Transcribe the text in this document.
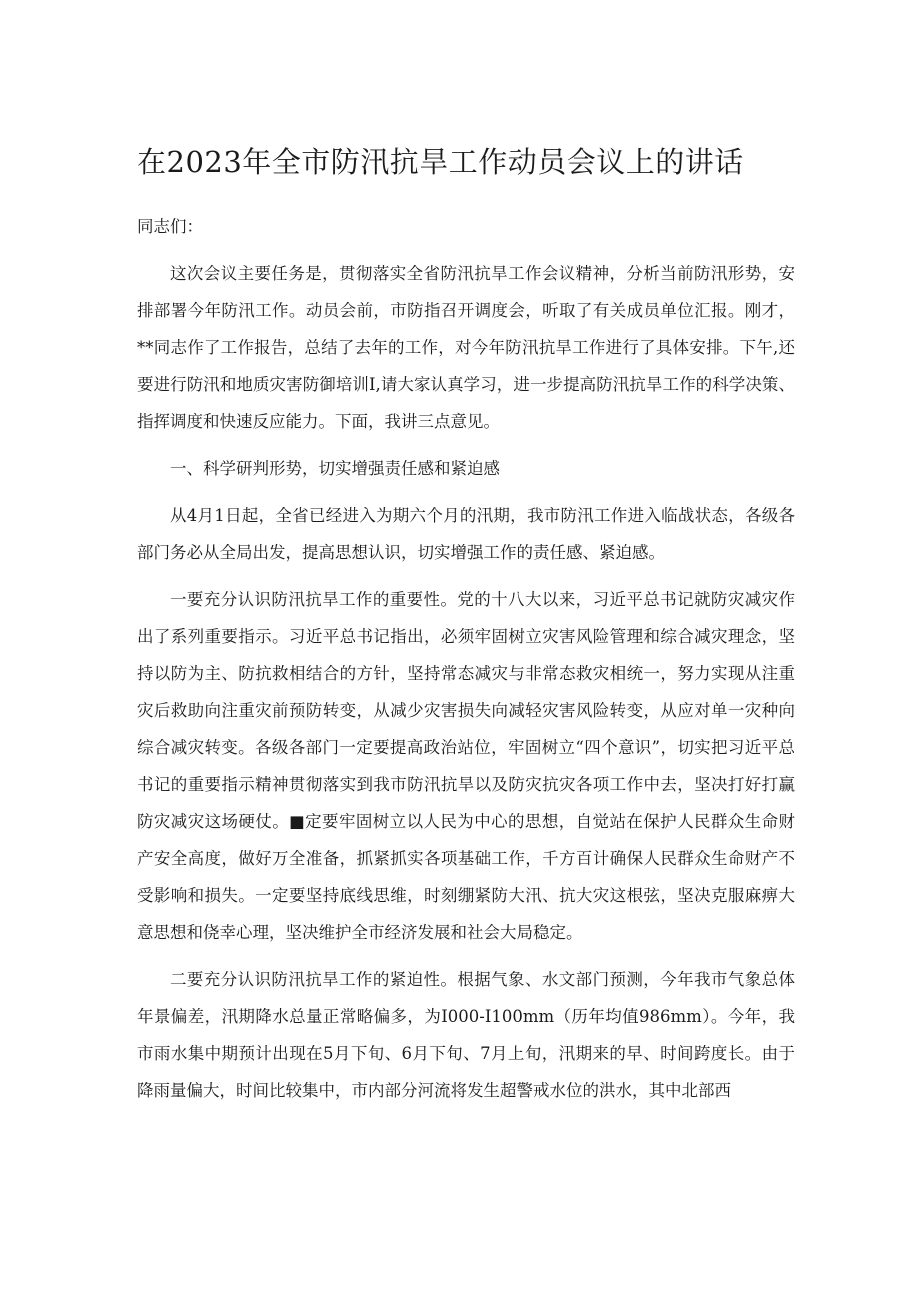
在2023年全市防汛抗旱工作动员会议上的讲话

同志们：

这次会议主要任务是，贯彻落实全省防汛抗旱工作会议精神，分析当前防汛形势，安排部署今年防汛工作。动员会前，市防指召开调度会，听取了有关成员单位汇报。刚才，**同志作了工作报告，总结了去年的工作，对今年防汛抗旱工作进行了具体安排。下午,还要进行防汛和地质灾害防御培训I,请大家认真学习，进一步提高防汛抗旱工作的科学决策、指挥调度和快速反应能力。下面，我讲三点意见。

一、科学研判形势，切实增强责任感和紧迫感

从4月1日起，全省已经进入为期六个月的汛期，我市防汛工作进入临战状态，各级各部门务必从全局出发，提高思想认识，切实增强工作的责任感、紧迫感。

一要充分认识防汛抗旱工作的重要性。党的十八大以来，习近平总书记就防灾减灾作出了系列重要指示。习近平总书记指出，必须牢固树立灾害风险管理和综合减灾理念，坚持以防为主、防抗救相结合的方针，坚持常态减灾与非常态救灾相统一，努力实现从注重灾后救助向注重灾前预防转变，从减少灾害损失向减轻灾害风险转变，从应对单一灾种向综合减灾转变。各级各部门一定要提高政治站位，牢固树立“四个意识”，切实把习近平总书记的重要指示精神贯彻落实到我市防汛抗旱以及防灾抗灾各项工作中去，坚决打好打赢防灾减灾这场硬仗。■定要牢固树立以人民为中心的思想，自觉站在保护人民群众生命财产安全高度，做好万全准备，抓紧抓实各项基础工作，千方百计确保人民群众生命财产不受影响和损失。一定要坚持底线思维，时刻绷紧防大汛、抗大灾这根弦，坚决克服麻痹大意思想和侥幸心理，坚决维护全市经济发展和社会大局稳定。

二要充分认识防汛抗旱工作的紧迫性。根据气象、水文部门预测，今年我市气象总体年景偏差，汛期降水总量正常略偏多，为I000-I100mm（历年均值986mm）。今年，我市雨水集中期预计出现在5月下旬、6月下旬、7月上旬，汛期来的早、时间跨度长。由于降雨量偏大，时间比较集中，市内部分河流将发生超警戒水位的洪水，其中北部西
